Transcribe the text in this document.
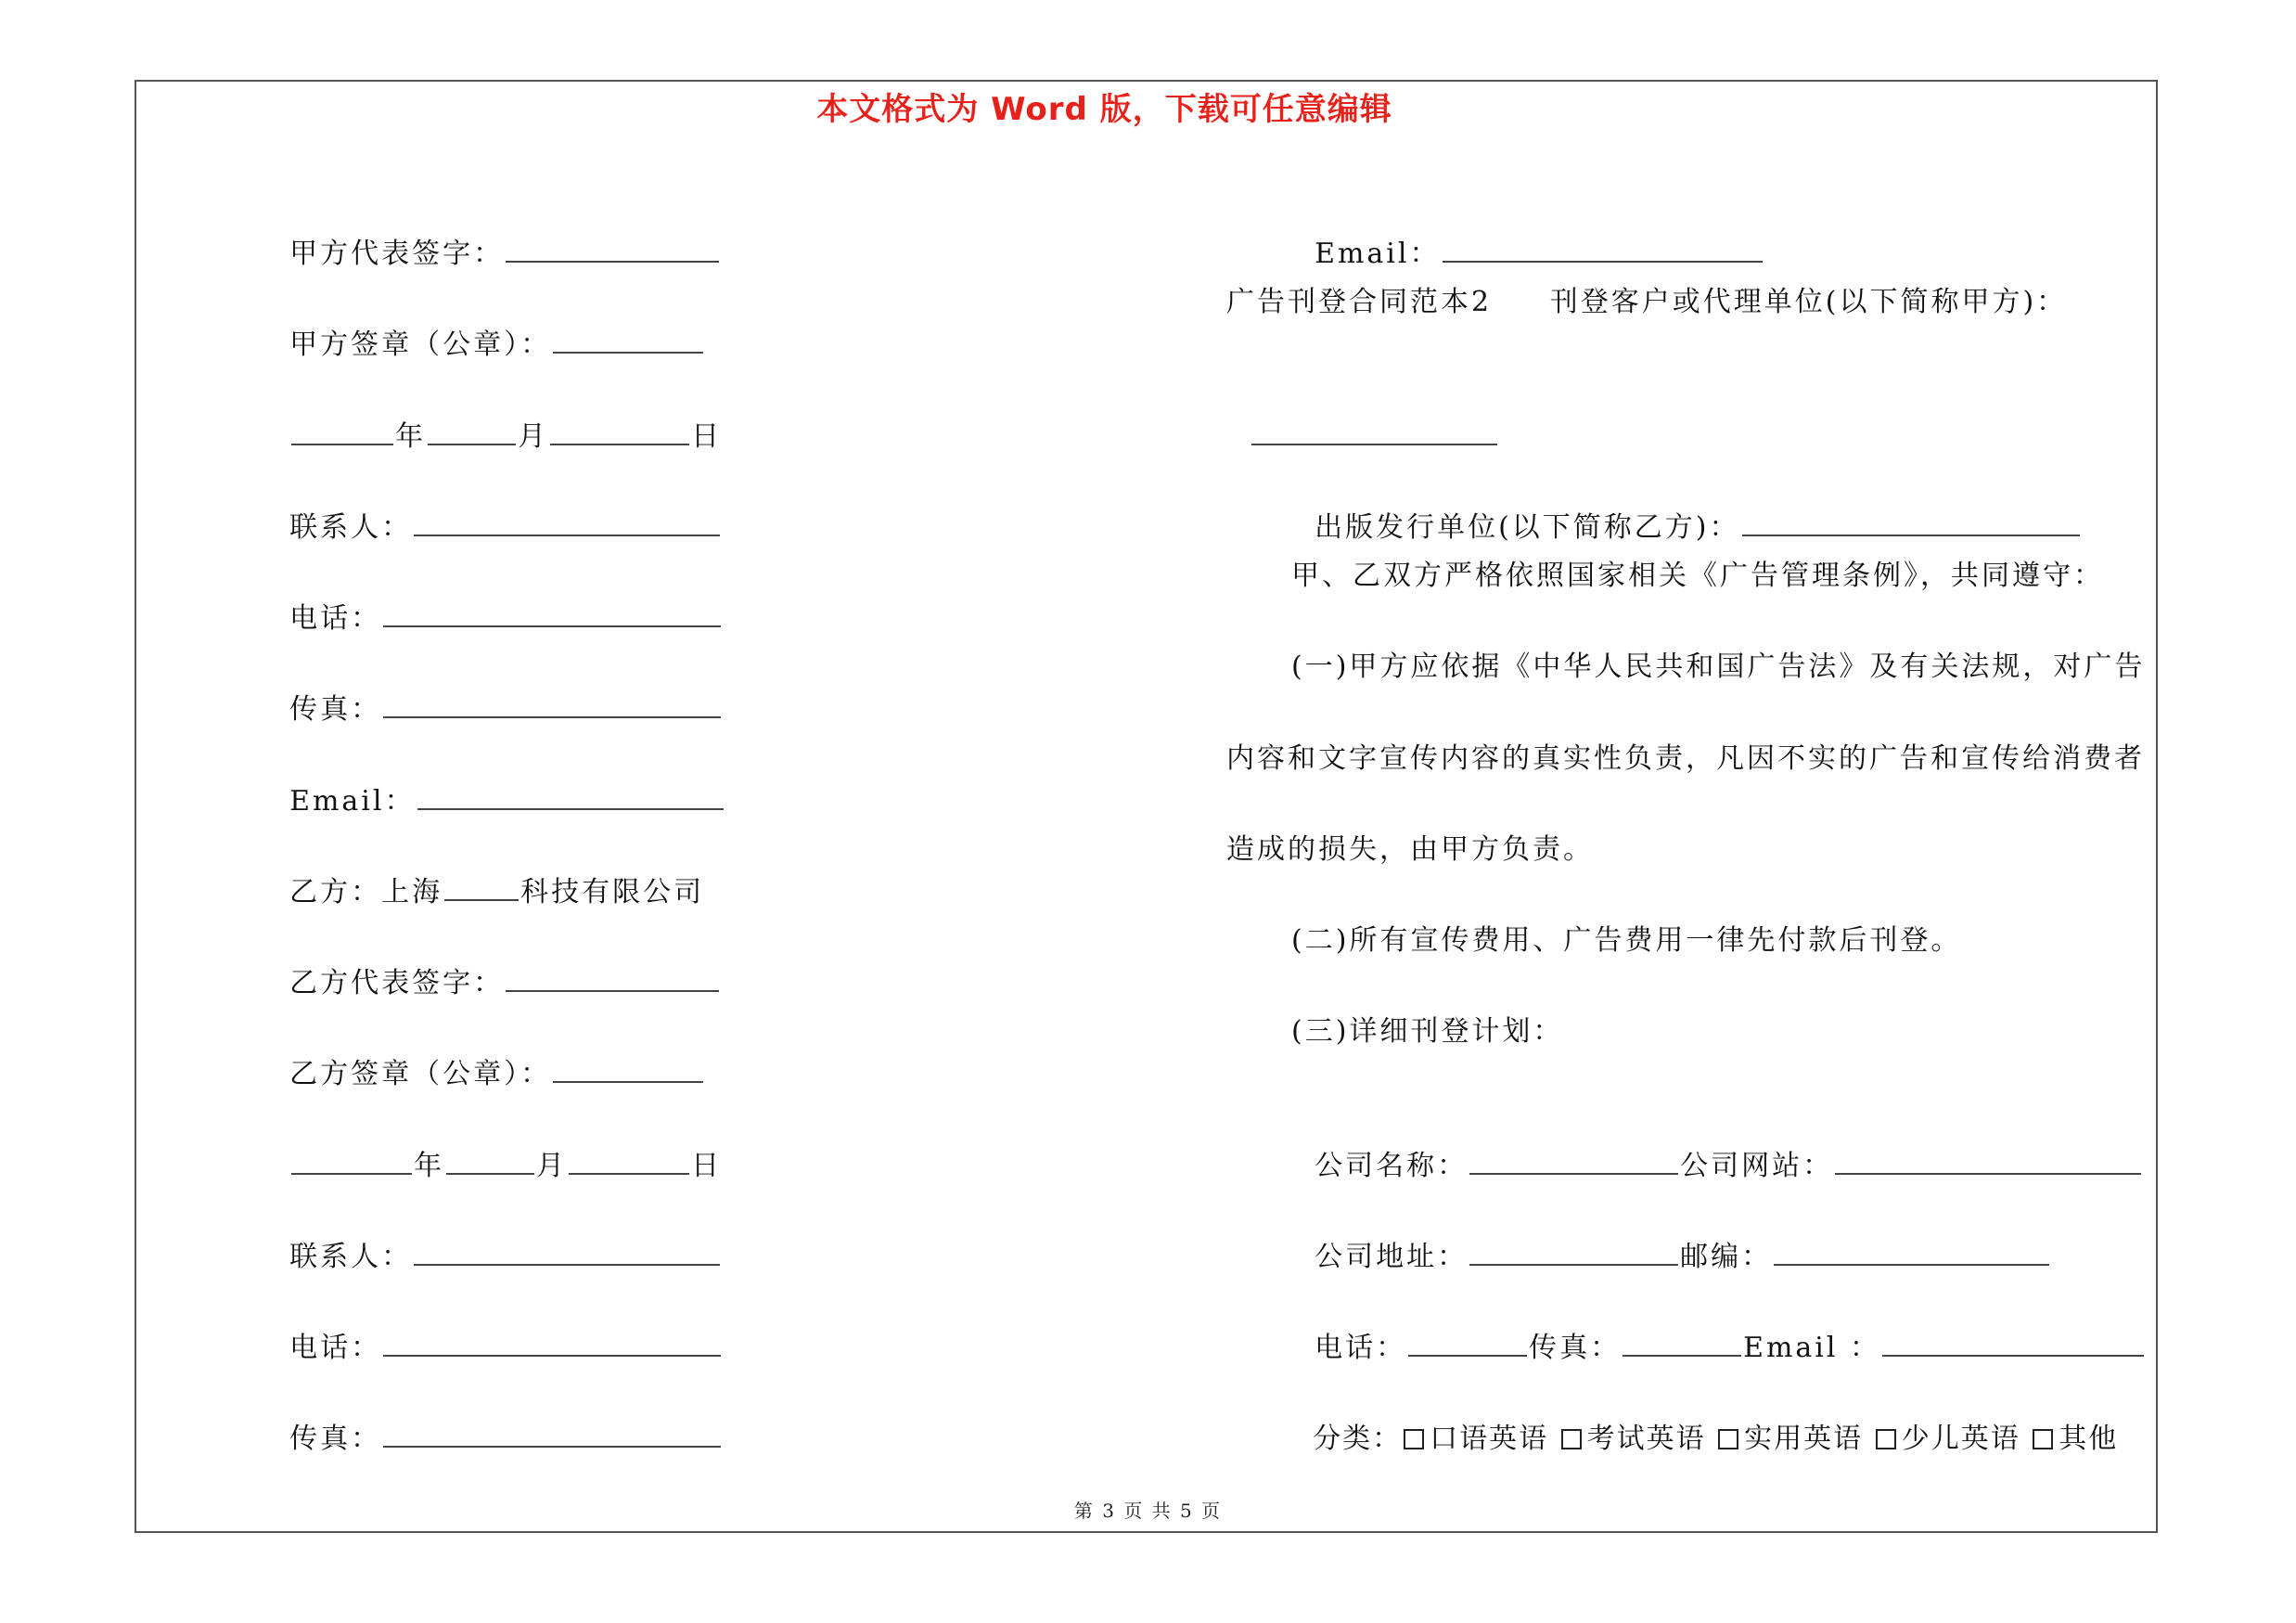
本文格式为 Word 版，下载可任意编辑

甲方代表签字：

甲方签章（公章）：

年	月	日

联系人：

电话：

传真：

Email：

乙方：上海	科技有限公司

乙方代表签字：

乙方签章（公章）：

年	月	日

联系人：

电话：

传真：

Email：

广告刊登合同范本2     刊登客户或代理单位(以下简称甲方)：

出版发行单位(以下简称乙方)：

甲、乙双方严格依照国家相关《广告管理条例》，共同遵守：
(一)甲方应依据《中华人民共和国广告法》及有关法规，对广告
内容和文字宣传内容的真实性负责，凡因不实的广告和宣传给消费者
造成的损失，由甲方负责。
(二)所有宣传费用、广告费用一律先付款后刊登。
(三)详细刊登计划：

公司名称：	公司网站：

公司地址：	邮编：

电话：	传真：	Email ：

分类： 口语英语 考试英语 实用英语 少儿英语 其他

第 3 页 共 5 页
